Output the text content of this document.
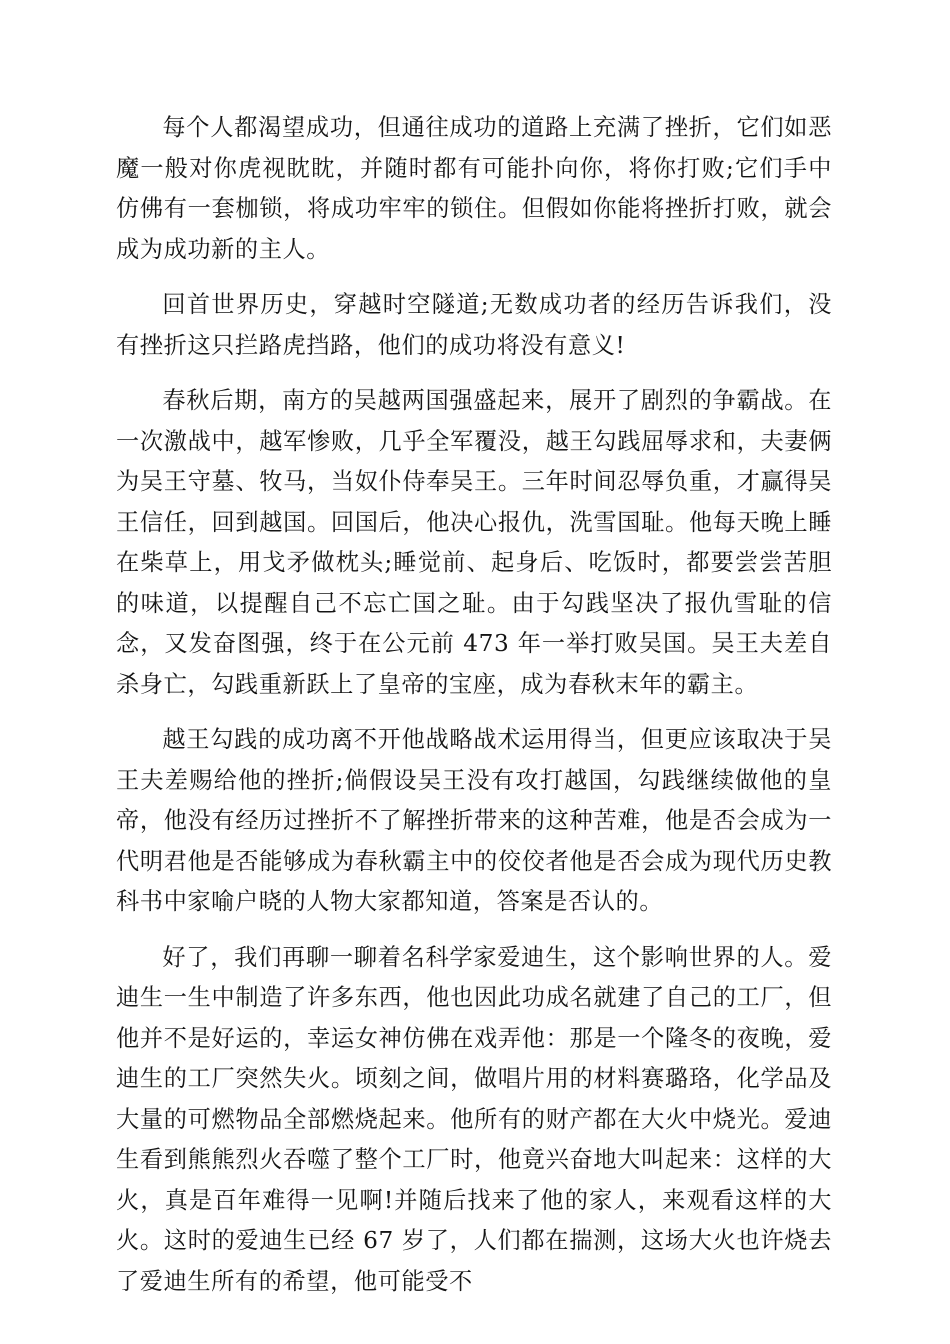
每个人都渴望成功，但通往成功的道路上充满了挫折，它们如恶魔一般对你虎视眈眈，并随时都有可能扑向你，将你打败;它们手中仿佛有一套枷锁，将成功牢牢的锁住。但假如你能将挫折打败，就会成为成功新的主人。

回首世界历史，穿越时空隧道;无数成功者的经历告诉我们，没有挫折这只拦路虎挡路，他们的成功将没有意义!

春秋后期，南方的吴越两国强盛起来，展开了剧烈的争霸战。在一次激战中，越军惨败，几乎全军覆没，越王勾践屈辱求和，夫妻俩为吴王守墓、牧马，当奴仆侍奉吴王。三年时间忍辱负重，才赢得吴王信任，回到越国。回国后，他决心报仇，洗雪国耻。他每天晚上睡在柴草上，用戈矛做枕头;睡觉前、起身后、吃饭时，都要尝尝苦胆的味道，以提醒自己不忘亡国之耻。由于勾践坚决了报仇雪耻的信念，又发奋图强，终于在公元前 473 年一举打败吴国。吴王夫差自杀身亡，勾践重新跃上了皇帝的宝座，成为春秋末年的霸主。

越王勾践的成功离不开他战略战术运用得当，但更应该取决于吴王夫差赐给他的挫折;倘假设吴王没有攻打越国，勾践继续做他的皇帝，他没有经历过挫折不了解挫折带来的这种苦难，他是否会成为一代明君他是否能够成为春秋霸主中的佼佼者他是否会成为现代历史教科书中家喻户晓的人物大家都知道，答案是否认的。

好了，我们再聊一聊着名科学家爱迪生，这个影响世界的人。爱迪生一生中制造了许多东西，他也因此功成名就建了自己的工厂，但他并不是好运的，幸运女神仿佛在戏弄他：那是一个隆冬的夜晚，爱迪生的工厂突然失火。顷刻之间，做唱片用的材料赛璐珞，化学品及大量的可燃物品全部燃烧起来。他所有的财产都在大火中烧光。爱迪生看到熊熊烈火吞噬了整个工厂时，他竟兴奋地大叫起来：这样的大火，真是百年难得一见啊!并随后找来了他的家人，来观看这样的大火。这时的爱迪生已经 67 岁了，人们都在揣测，这场大火也许烧去了爱迪生所有的希望，他可能受不
